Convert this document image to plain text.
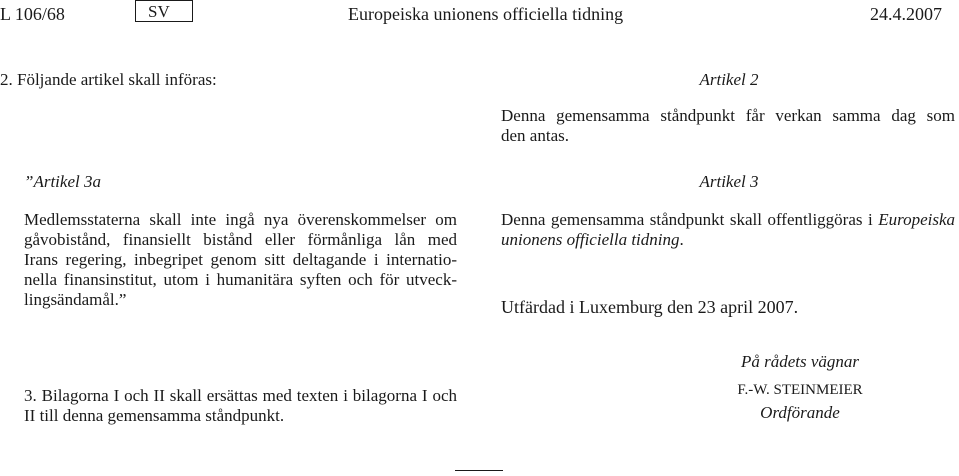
L 106/68	SV	Europeiska unionens officiella tidning	24.4.2007
2. Följande artikel skall införas:
”Artikel 3a
Medlemsstaterna skall inte ingå nya överenskommelser om
gåvobistånd, finansiellt bistånd eller förmånliga lån med
Irans regering, inbegripet genom sitt deltagande i internatio-
nella finansinstitut, utom i humanitära syften och för utveck-
lingsändamål.”
3. Bilagorna I och II skall ersättas med texten i bilagorna I och
II till denna gemensamma ståndpunkt.
Artikel 2
Denna gemensamma ståndpunkt får verkan samma dag som
den antas.
Artikel 3
Denna gemensamma ståndpunkt skall offentliggöras i Europeiska
unionens officiella tidning.
Utfärdad i Luxemburg den 23 april 2007.
På rådets vägnar
F.-W. STEINMEIER
Ordförande
